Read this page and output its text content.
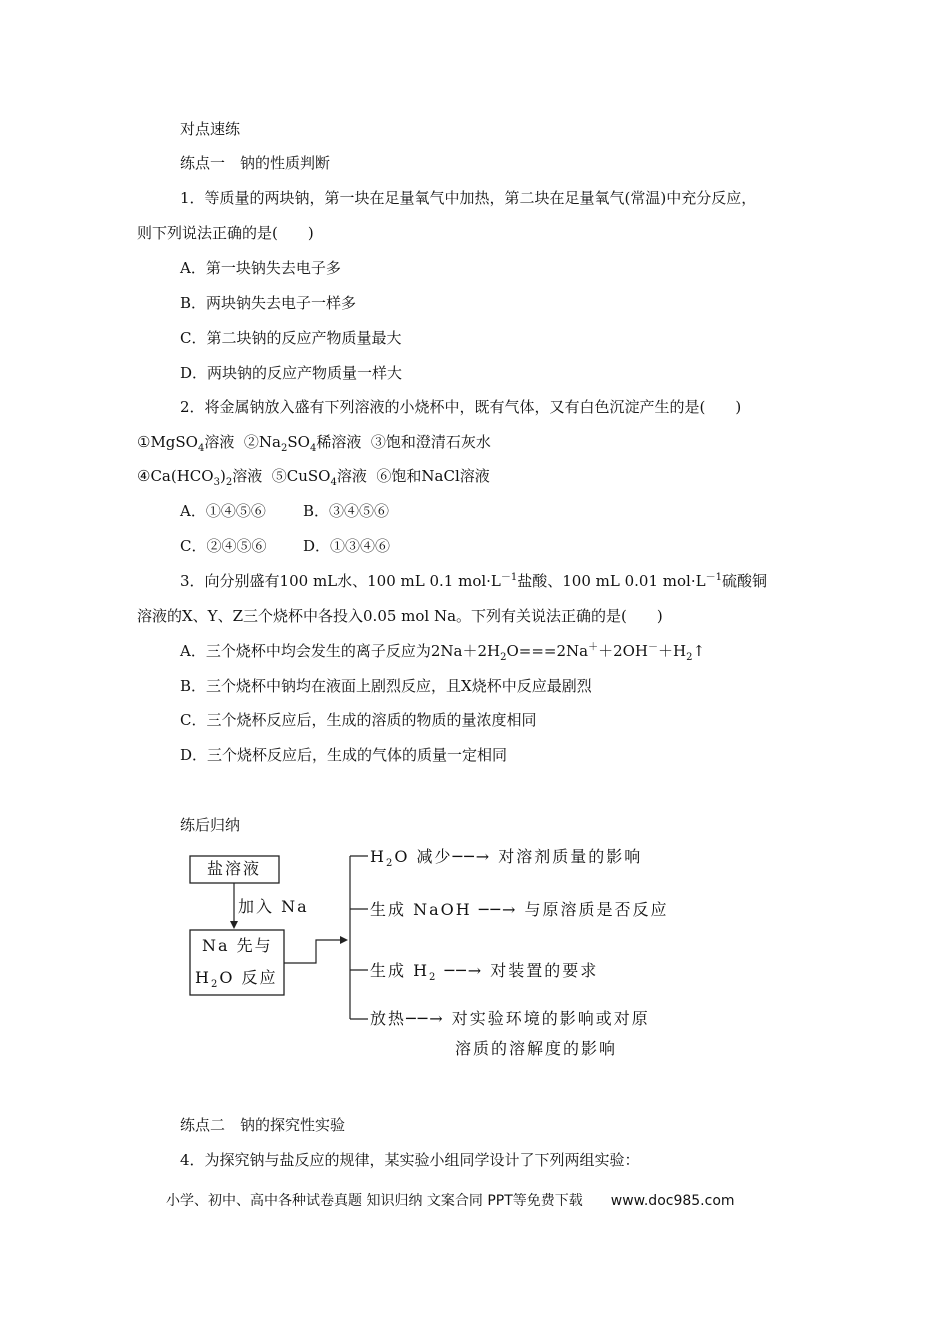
对点速练
练点一　钠的性质判断
1．等质量的两块钠，第一块在足量氧气中加热，第二块在足量氧气(常温)中充分反应，
则下列说法正确的是(　　)
A．第一块钠失去电子多
B．两块钠失去电子一样多
C．第二块钠的反应产物质量最大
D．两块钠的反应产物质量一样大
2．将金属钠放入盛有下列溶液的小烧杯中，既有气体，又有白色沉淀产生的是(　　)
①MgSO$_4$溶液 $②Na_2SO_4$稀溶液 ③饱和澄清石灰水
$④Ca(HCO_3)_2$溶液 ⑤CuSO$_4$溶液 ⑥饱和NaCl溶液
A．①④⑤⑥ B．③④⑤⑥
C．②④⑤⑥ D．①③④⑥
3．向分别盛有100 mL水、100 mL 0.1 $mol\cdot L^{-1}$盐酸、100 mL 0.01 $mol\cdot L^{-1}$硫酸铜
溶液的X、Y、Z三个烧杯中各投入0.05 mol Na。下列有关说法正确的是(　　)
A．三个烧杯中均会发生的离子反应为$2Na+2H_2O===2Na^++2OH^-+H_2↑$
B．三个烧杯中钠均在液面上剧烈反应，且X烧杯中反应最剧烈
C．三个烧杯反应后，生成的溶质的物质的量浓度相同
D．三个烧杯反应后，生成的气体的质量一定相同
练后归纳
盐溶液
加入 Na
Na 先与
$H_2O$ 反应
$H_2O$ 减少──→ 对溶剂质量的影响
生成 NaOH ──→ 与原溶质是否反应
生成 $H_2$ ──→ 对装置的要求
放热──→ 对实验环境的影响或对原
溶质的溶解度的影响
练点二　钠的探究性实验
4．为探究钠与盐反应的规律，某实验小组同学设计了下列两组实验：
小学、初中、高中各种试卷真题 知识归纳 文案合同 PPT等免费下载　　www.doc985.com
